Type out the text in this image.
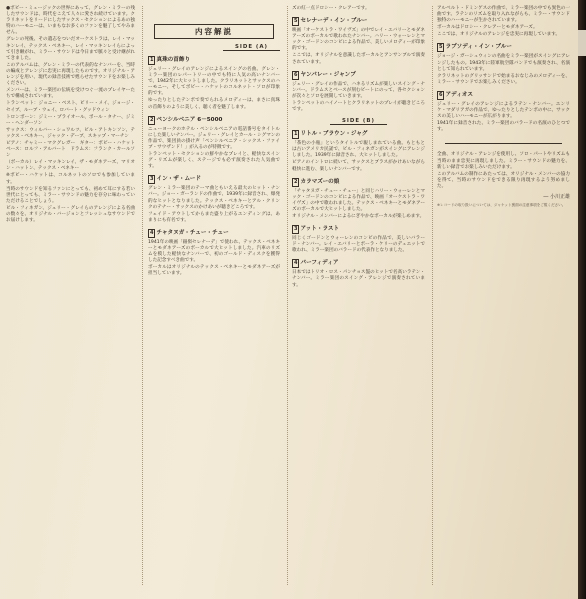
●ボビー・ミュージックの世界にあって、グレン・ミラーの残したサウンドは、時代をこえて人々に愛され続けています。クラリネットをリードにしたサックス・セクションによるあの独特のハーモニーは、いまもなお多くのファンを魅了してやみません。

グレンの死後、その遺志をついだオーケストラは、レイ・マッキンレイ、テックス・ベネキー、レイ・マッキンレイらによって引き継がれ、ミラー・サウンドは今日まで脈々と受け継がれてきました。

このアルバムは、グレン・ミラーの代表的なナンバーを、当時の編成とアレンジに忠実に再現したものです。オリジナル・アレンジを用い、現代の録音技術で甦らせたサウンドをお楽しみください。

メンバーは、ミラー楽団の伝統を受けつぐ一流のプレイヤーたちで構成されています。

トランペット：ジョニー・ベスト、ビリー・メイ、ジョージ・セイブ、ルーブ・ウェイ、ロバート・グッドウィン

トロンボーン：ジミー・プライオール、ポール・タナー、ジミー・ヘンダーソン

サックス：ウィルバー・シュワルツ、ビル・アトキンソン、テックス・ベネキー、ジャック・デーブ、スキップ・マーチン

ピアノ：チャミー・マクグレガー　ギター：ボビー・ハケット　ベース：ロルフ・アルバート　ドラムス：フランク・カールソン

（ボーカル）レイ・マッキンレイ、ザ・モダネアーズ、マリオン・ハットン、テックス・ベネキー

※ボビー・ハケットは、コルネットのソロでも参加しています。

当時のサウンドを知るファンにとっても、初めて耳にする若い世代にとっても、ミラー・サウンドの魅力を存分に味わっていただけることでしょう。

ビル・フィネガン、ジェリー・グレイらのアレンジによる名曲の数々を、オリジナル・バージョンとフレッシュなサウンドでお届けします。

内容解説
SIDE (A)
1 真珠の首飾り

ジェリー・グレイのアレンジによるスイングの名曲。グレン・ミラー楽団のレパートリーの中でも特に人気の高いナンバーで、1942年に大ヒットしました。クラリネットとサックスのハーモニー、そしてボビー・ハケットのコルネット・ソロが印象的です。

ゆったりとしたテンポで奏でられるメロディーは、まさに真珠の首飾りのように美しく、聴く者を魅了します。

2 ペンシルベニア 6－5000

ニューヨークのホテル・ペンシルベニアの電話番号をタイトルにした楽しいナンバー。ジェリー・グレイとカール・シグマンの作品で、楽団員の掛け声「ペンシルベニア・シックス・ファイブ・サウザンド！」が入るのが特徴です。

トランペット・セクションの鮮やかなプレイと、軽快なスイング・リズムが楽しく、ステージでも必ず演奏された人気曲です。

3 イン・ザ・ムード

グレン・ミラー楽団のテーマ曲ともいえる最大のヒット・ナンバー。ジョー・ガーランドの作曲で、1939年に録音され、爆発的なヒットとなりました。テックス・ベネキーとアル・クリンクのテナー・サックスのかけあいが聴きどころです。

フェイド・アウトしてからまた盛り上がるエンディングは、あまりにも有名です。

4 チャタヌガ・チュー・チュー

1941年の映画「銀嶺セレナーデ」で使われ、テックス・ベネキーとモダネアーズのボーカルで大ヒットしました。汽車のリズムを模した軽快なナンバーで、初のゴールド・ディスクを獲得した記念すべき曲です。

ボーカルはオリジナルのテックス・ベネキーとモダネアーズが担当しています。

ズの紅一点ドロシー・クレアーです。

5 セレナーデ・イン・ブルー

映画「オーケストラ・ワイヴズ」の中でレイ・エバリーとモダネアーズのボーカルで歌われたナンバー。ハリー・ウォーレンとマック・ゴードンのコンビによる作品で、美しいメロディーが印象的です。

ここでは、オリジナルを意識したボーカルとアンサンブルで演奏されています。

6 ヤンパレー・ジャンプ

ジェリー・グレイの作品で、ハネるリズムが楽しいスイング・ナンバー。ドラムスとベースが刻むビートにのって、各セクションが次々とソロを展開していきます。

トランペットのハイノートとクラリネットのプレイが聴きどころです。

SIDE (B)
1 リトル・ブラウン・ジャグ

「茶色の小瓶」というタイトルで親しまれている曲。もともとは古いアメリカ民謡で、ビル・フィネガンがスイングにアレンジしました。1939年に録音され、大ヒットしました。

ピアノのイントロに続いて、サックスとブラスがかけあいながら軽快に進む、楽しいナンバーです。

2 カラマズーの娘

「チャタヌガ・チュー・チュー」と同じハリー・ウォーレンとマック・ゴードンのコンビによる作品で、映画「オーケストラ・ワイヴズ」の中で歌われました。テックス・ベネキーとモダネアーズのボーカルで大ヒットしました。

オリジナル・メンバーによるにぎやかなボーカルが楽しめます。

3 アット・ラスト

同じくゴードンとウォーレンのコンビの作品で、美しいバラード・ナンバー。レイ・エバリーとポーラ・ケリーのデュエットで歌われ、ミラー楽団のバラードの代表作となりました。

4 パーフィディア

日本ではトリオ・ロス・パンチョス盤のヒットで名高いラテン・ナンバー。ミラー楽団のスイング・アレンジで演奏されています。

アルベルト・ドミンゲスの作曲で、ミラー楽団の中でも異色の一曲です。ラテンのリズムを取り入れながらも、ミラー・サウンド独特のハーモニーが生かされています。

ボーカルはドロシー・クレアーとモダネアーズ。

ここでは、オリジナルのアレンジを忠実に再現しています。

5 ラプソディ・イン・ブルー

ジョージ・ガーシュウィンの名曲をミラー楽団がスイングにアレンジしたもの。1943年に陸軍航空隊バンドでも演奏され、名演として知られています。

クラリネットのグリッサンドで始まるおなじみのメロディーを、ミラー・サウンドでお楽しみください。

6 アディオス

ジェリー・グレイのアレンジによるラテン・ナンバー。エンリケ・マダリアガの作品で、ゆったりとしたテンポの中に、サックスの美しいハーモニーが広がります。

1941年に録音された、ミラー楽団のバラードの名演のひとつです。

全曲、オリジナル・アレンジを使用し、ソロ・パートやリズムも当時のまま忠実に再現しました。ミラー・サウンドの魅力を、新しい録音でお楽しみいただけます。

このアルバムの制作にあたっては、オリジナル・メンバーの協力を得て、当時のサウンドをできる限り再現するよう努めました。

― 小川正雄
※レコードの取り扱いについては、ジャケット裏面の注意事項をご覧ください。
